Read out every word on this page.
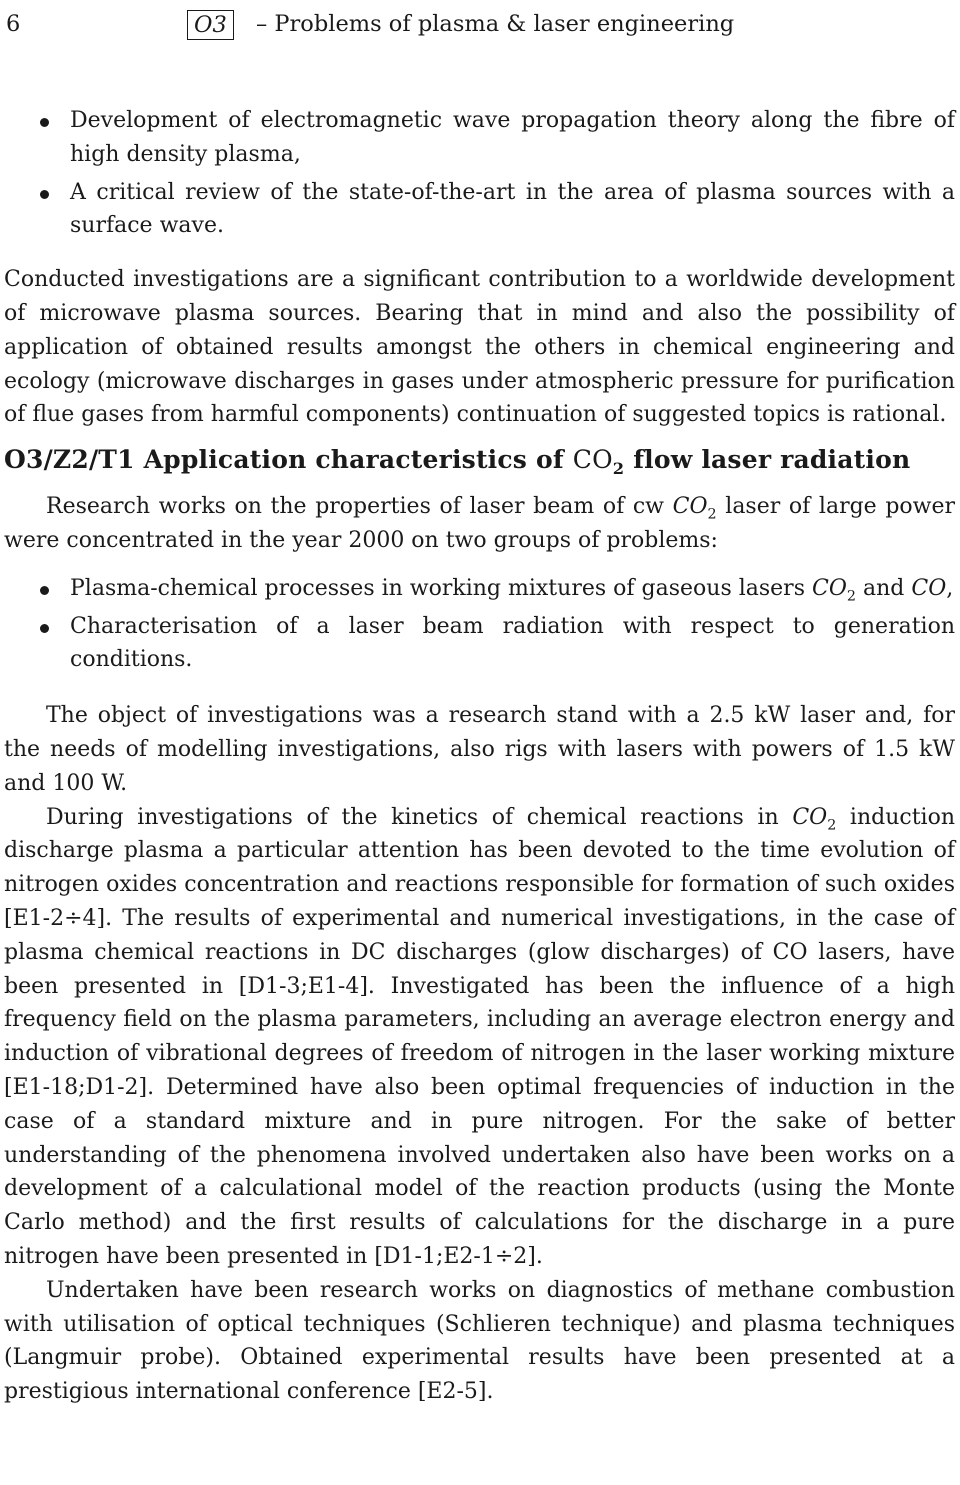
6	O3	– Problems of plasma & laser engineering
Development of electromagnetic wave propagation theory along the fibre of high density plasma,
A critical review of the state-of-the-art in the area of plasma sources with a surface wave.

Conducted investigations are a significant contribution to a worldwide development of microwave plasma sources. Bearing that in mind and also the possibility of application of obtained results amongst the others in chemical engineering and ecology (microwave discharges in gases under atmospheric pressure for purification of flue gases from harmful components) continuation of suggested topics is rational.

O3/Z2/T1 Application characteristics of $CO_2$ flow laser radiation

Research works on the properties of laser beam of cw $CO_2$ laser of large power were concentrated in the year 2000 on two groups of problems:

Plasma-chemical processes in working mixtures of gaseous lasers $CO_2$ and CO,
Characterisation of a laser beam radiation with respect to generation conditions.

The object of investigations was a research stand with a 2.5 kW laser and, for the needs of modelling investigations, also rigs with lasers with powers of 1.5 kW and 100 W.

During investigations of the kinetics of chemical reactions in $CO_2$ induction discharge plasma a particular attention has been devoted to the time evolution of nitrogen oxides concentration and reactions responsible for formation of such oxides [E1-2÷4]. The results of experimental and numerical investigations, in the case of plasma chemical reactions in DC discharges (glow discharges) of CO lasers, have been presented in [D1-3;E1-4]. Investigated has been the influence of a high frequency field on the plasma parameters, including an average electron energy and induction of vibrational degrees of freedom of nitrogen in the laser working mixture [E1-18;D1-2]. Determined have also been optimal frequencies of induction in the case of a standard mixture and in pure nitrogen. For the sake of better understanding of the phenomena involved undertaken also have been works on a development of a calculational model of the reaction products (using the Monte Carlo method) and the first results of calculations for the discharge in a pure nitrogen have been presented in [D1-1;E2-1÷2].

Undertaken have been research works on diagnostics of methane combustion with utilisation of optical techniques (Schlieren technique) and plasma techniques (Langmuir probe). Obtained experimental results have been presented at a prestigious international conference [E2-5].
